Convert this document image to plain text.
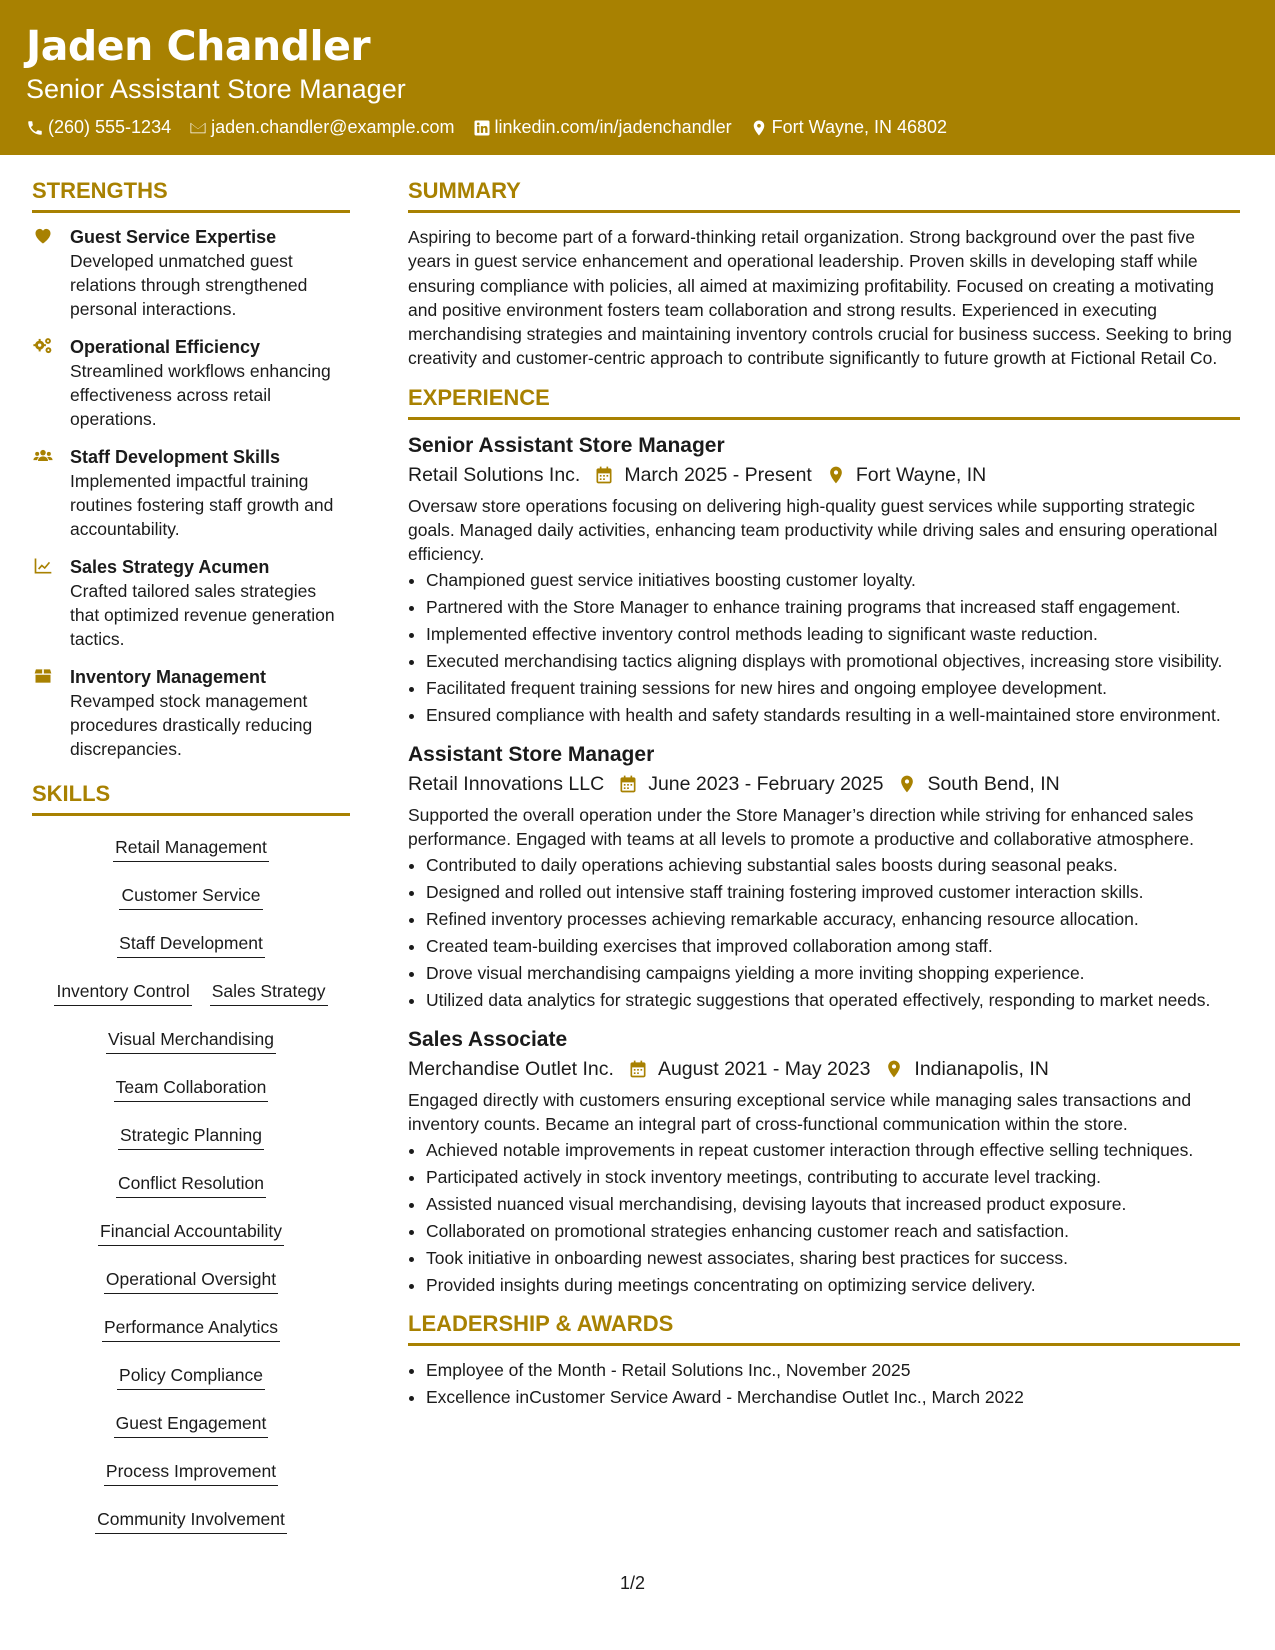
Jaden Chandler
Senior Assistant Store Manager
(260) 555-1234 jaden.chandler@example.com linkedin.com/in/jadenchandler Fort Wayne, IN 46802
STRENGTHS
Guest Service Expertise
Developed unmatched guest relations through strengthened personal interactions.
Operational Efficiency
Streamlined workflows enhancing effectiveness across retail operations.
Staff Development Skills
Implemented impactful training routines fostering staff growth and accountability.
Sales Strategy Acumen
Crafted tailored sales strategies that optimized revenue generation tactics.
Inventory Management
Revamped stock management procedures drastically reducing discrepancies.
SKILLS
Retail Management
Customer Service
Staff Development
Inventory Control Sales Strategy
Visual Merchandising
Team Collaboration
Strategic Planning
Conflict Resolution
Financial Accountability
Operational Oversight
Performance Analytics
Policy Compliance
Guest Engagement
Process Improvement
Community Involvement
SUMMARY
Aspiring to become part of a forward-thinking retail organization. Strong background over the past five years in guest service enhancement and operational leadership. Proven skills in developing staff while ensuring compliance with policies, all aimed at maximizing profitability. Focused on creating a motivating and positive environment fosters team collaboration and strong results. Experienced in executing merchandising strategies and maintaining inventory controls crucial for business success. Seeking to bring creativity and customer-centric approach to contribute significantly to future growth at Fictional Retail Co.
EXPERIENCE
Senior Assistant Store Manager
Retail Solutions Inc. March 2025 - Present Fort Wayne, IN
Oversaw store operations focusing on delivering high-quality guest services while supporting strategic goals. Managed daily activities, enhancing team productivity while driving sales and ensuring operational efficiency.
• Championed guest service initiatives boosting customer loyalty.
• Partnered with the Store Manager to enhance training programs that increased staff engagement.
• Implemented effective inventory control methods leading to significant waste reduction.
• Executed merchandising tactics aligning displays with promotional objectives, increasing store visibility.
• Facilitated frequent training sessions for new hires and ongoing employee development.
• Ensured compliance with health and safety standards resulting in a well-maintained store environment.
Assistant Store Manager
Retail Innovations LLC June 2023 - February 2025 South Bend, IN
Supported the overall operation under the Store Manager’s direction while striving for enhanced sales performance. Engaged with teams at all levels to promote a productive and collaborative atmosphere.
• Contributed to daily operations achieving substantial sales boosts during seasonal peaks.
• Designed and rolled out intensive staff training fostering improved customer interaction skills.
• Refined inventory processes achieving remarkable accuracy, enhancing resource allocation.
• Created team-building exercises that improved collaboration among staff.
• Drove visual merchandising campaigns yielding a more inviting shopping experience.
• Utilized data analytics for strategic suggestions that operated effectively, responding to market needs.
Sales Associate
Merchandise Outlet Inc. August 2021 - May 2023 Indianapolis, IN
Engaged directly with customers ensuring exceptional service while managing sales transactions and inventory counts. Became an integral part of cross-functional communication within the store.
• Achieved notable improvements in repeat customer interaction through effective selling techniques.
• Participated actively in stock inventory meetings, contributing to accurate level tracking.
• Assisted nuanced visual merchandising, devising layouts that increased product exposure.
• Collaborated on promotional strategies enhancing customer reach and satisfaction.
• Took initiative in onboarding newest associates, sharing best practices for success.
• Provided insights during meetings concentrating on optimizing service delivery.
LEADERSHIP & AWARDS
• Employee of the Month - Retail Solutions Inc., November 2025
• Excellence inCustomer Service Award - Merchandise Outlet Inc., March 2022
1/2
